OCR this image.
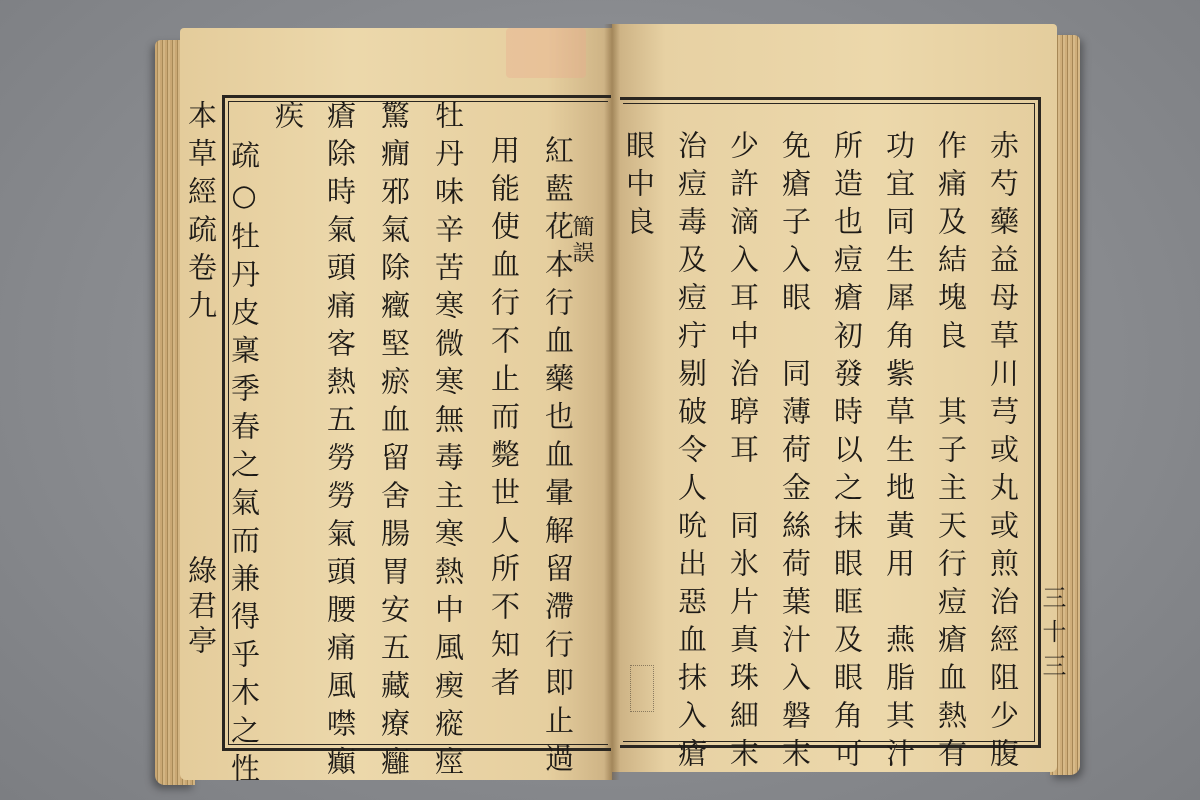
本草經疏卷九
綠君亭
簡誤
紅藍花本行血藥也血暈解留滯行即止過
用能使血行不止而斃世人所不知者
牡丹味辛苦寒微寒無毒主寒熱中風瘈瘲痙
驚癇邪氣除癥堅瘀血留舍腸胃安五藏療癰
瘡除時氣頭痛客熱五勞勞氣頭腰痛風噤癲
疾
疏○牡丹皮稟季春之氣而兼得乎木之性	赤芍藥益母草川芎或丸或煎治經阻少腹
作痛及結塊良　其子主天行痘瘡血熱有
功宜同生犀角紫草生地黃用　燕脂其汁
所造也痘瘡初發時以之抹眼眶及眼角可
免瘡子入眼　同薄荷金絲荷葉汁入磐末
少許滴入耳中治聤耳　同氷片真珠細末
治痘毒及痘疔剔破令人吮出惡血抹入瘡
眼中良
三十三
